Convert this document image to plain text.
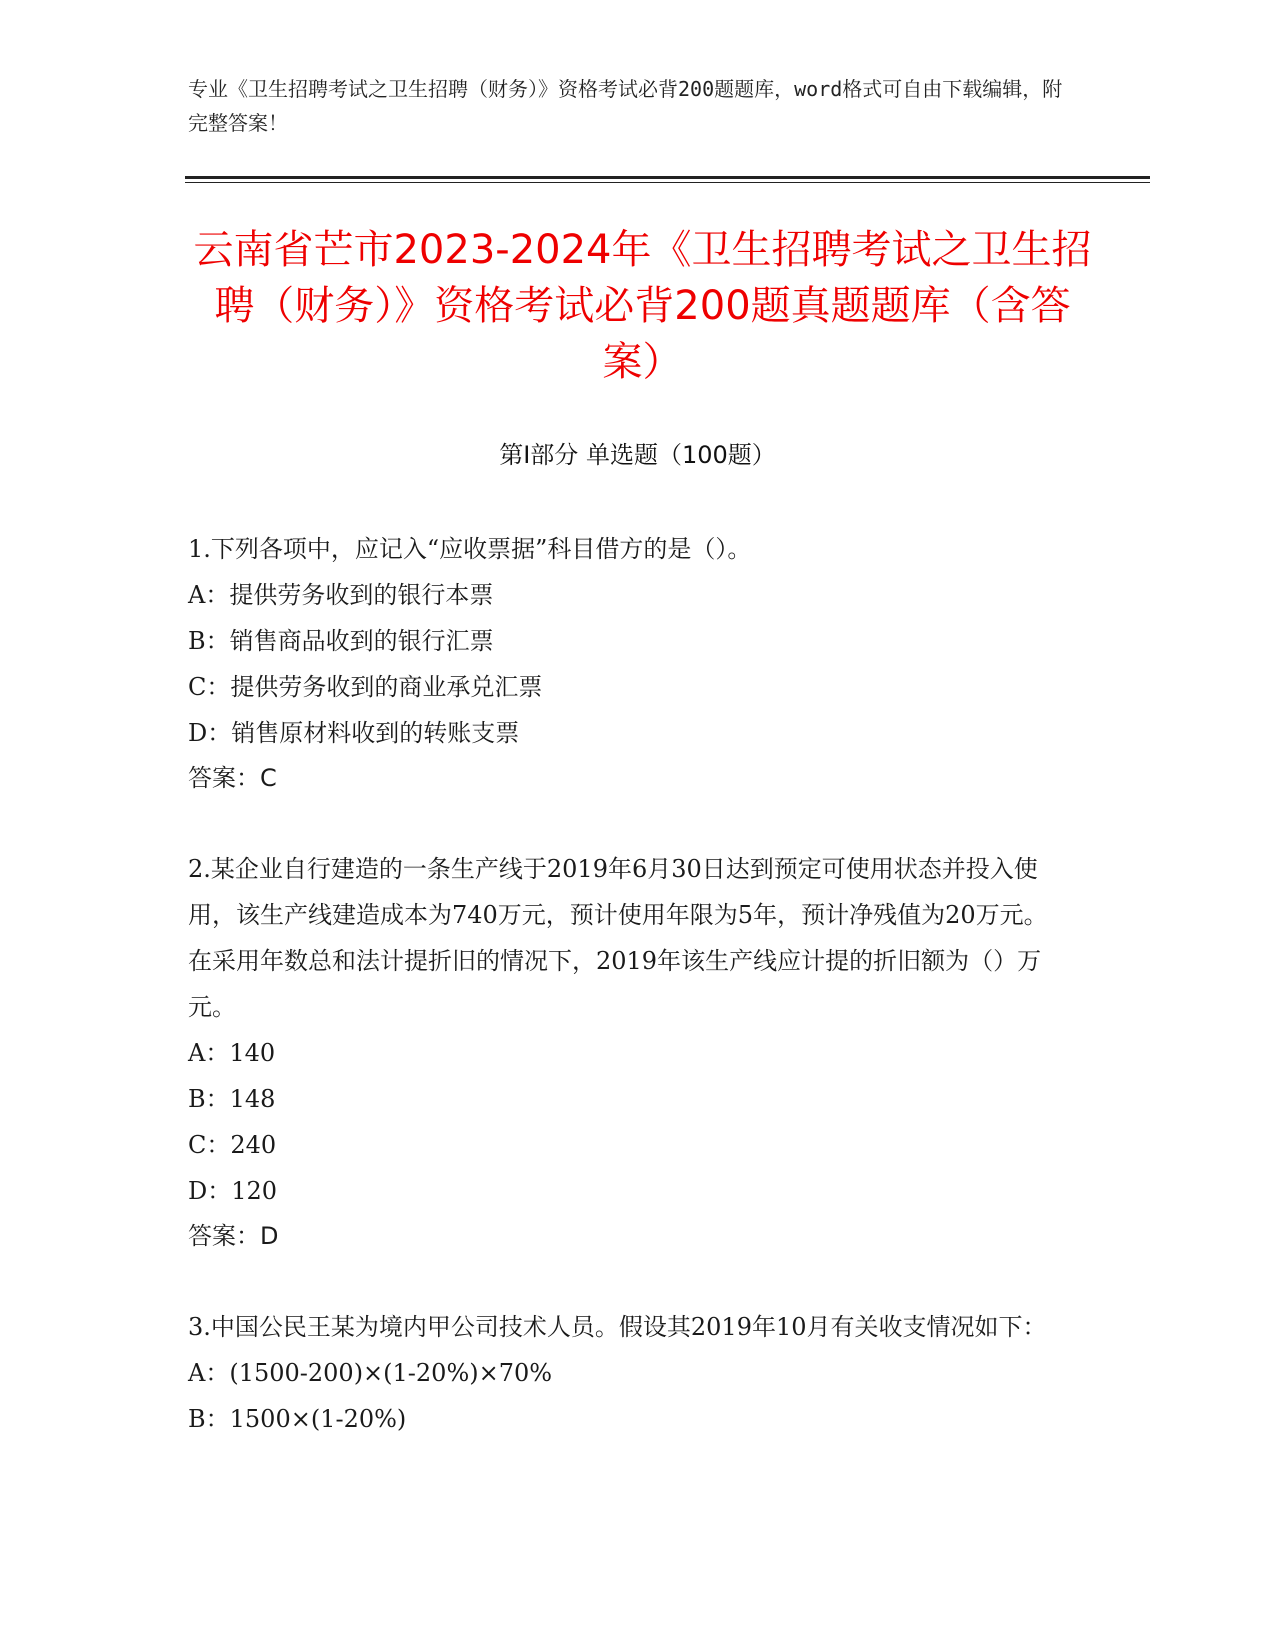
专业《卫生招聘考试之卫生招聘（财务）》资格考试必背200题题库，word格式可自由下载编辑，附完整答案！
云南省芒市2023-2024年《卫生招聘考试之卫生招聘（财务）》资格考试必背200题真题题库（含答案）
第I部分 单选题（100题）

1.下列各项中，应记入“应收票据”科目借方的是（）。

A：提供劳务收到的银行本票

B：销售商品收到的银行汇票

C：提供劳务收到的商业承兑汇票

D：销售原材料收到的转账支票

答案：C

2.某企业自行建造的一条生产线于2019年6月30日达到预定可使用状态并投入使用，该生产线建造成本为740万元，预计使用年限为5年，预计净残值为20万元。在采用年数总和法计提折旧的情况下，2019年该生产线应计提的折旧额为（）万元。

A：140

B：148

C：240

D：120

答案：D

3.中国公民王某为境内甲公司技术人员。假设其2019年10月有关收支情况如下：

A：(1500-200)×(1-20%)×70%

B：1500×(1-20%)
